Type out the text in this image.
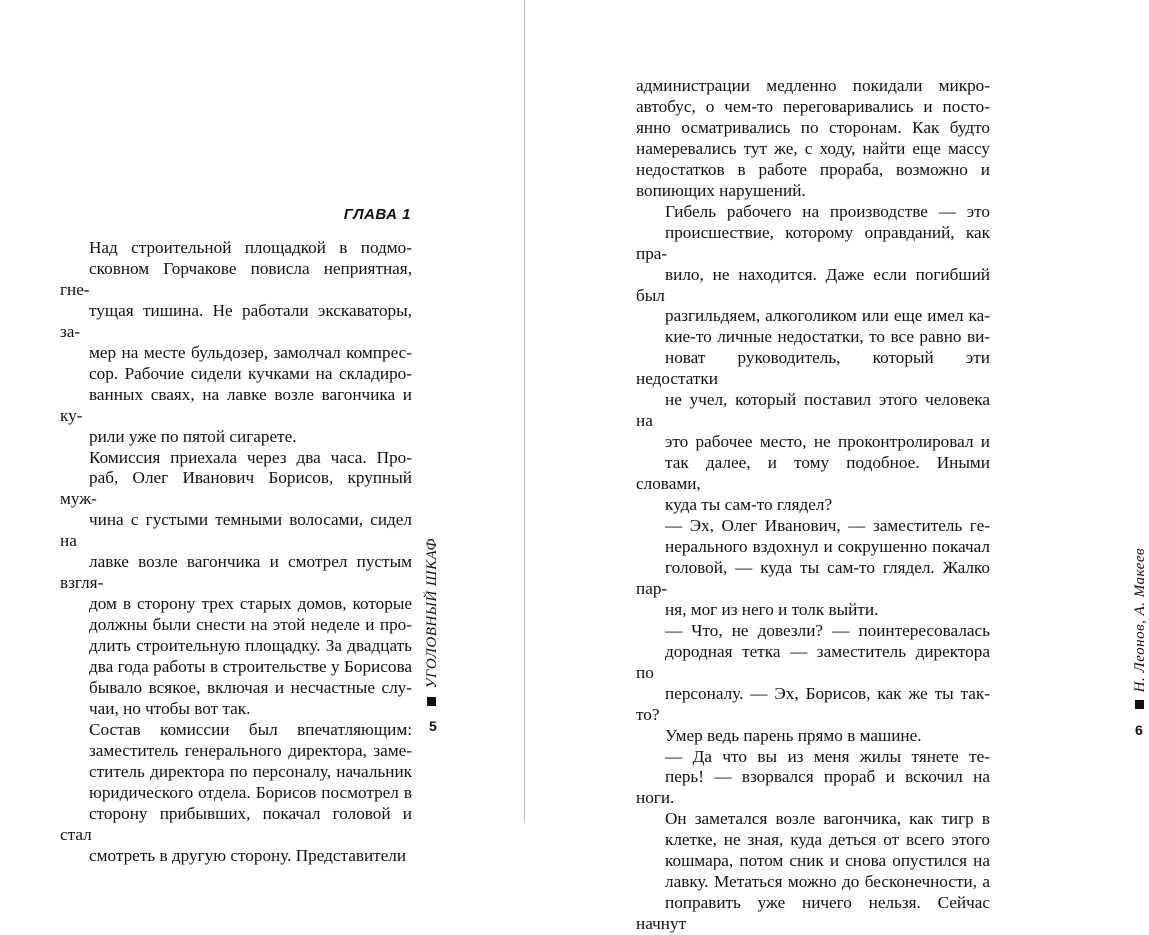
ГЛАВА 1

Над строительной площадкой в подмо-
сковном Горчакове повисла неприятная, гне-
тущая тишина. Не работали экскаваторы, за-
мер на месте бульдозер, замолчал компрес-
сор. Рабочие сидели кучками на складиро-
ванных сваях, на лавке возле вагончика и ку-
рили уже по пятой сигарете.

Комиссия приехала через два часа. Про-
раб, Олег Иванович Борисов, крупный муж-
чина с густыми темными волосами, сидел на
лавке возле вагончика и смотрел пустым взгля-
дом в сторону трех старых домов, которые
должны были снести на этой неделе и про-
длить строительную площадку. За двадцать
два года работы в строительстве у Борисова
бывало всякое, включая и несчастные слу-
чаи, но чтобы вот так.

Состав комиссии был впечатляющим:
заместитель генерального директора, заме-
ститель директора по персоналу, начальник
юридического отдела. Борисов посмотрел в
сторону прибывших, покачал головой и стал
смотреть в другую сторону. Представители

УГОЛОВНЫЙ ШКАФ
5

администрации медленно покидали микро-
автобус, о чем-то переговаривались и посто-
янно осматривались по сторонам. Как будто
намеревались тут же, с ходу, найти еще массу
недостатков в работе прораба, возможно и
вопиющих нарушений.

Гибель рабочего на производстве — это
происшествие, которому оправданий, как пра-
вило, не находится. Даже если погибший был
разгильдяем, алкоголиком или еще имел ка-
кие-то личные недостатки, то все равно ви-
новат руководитель, который эти недостатки
не учел, который поставил этого человека на
это рабочее место, не проконтролировал и
так далее, и тому подобное. Иными словами,
куда ты сам-то глядел?

— Эх, Олег Иванович, — заместитель ге-
нерального вздохнул и сокрушенно покачал
головой, — куда ты сам-то глядел. Жалко пар-
ня, мог из него и толк выйти.

— Что, не довезли? — поинтересовалась
дородная тетка — заместитель директора по
персоналу. — Эх, Борисов, как же ты так-то?
Умер ведь парень прямо в машине.

— Да что вы из меня жилы тянете те-
перь! — взорвался прораб и вскочил на ноги.

Он заметался возле вагончика, как тигр в
клетке, не зная, куда деться от всего этого
кошмара, потом сник и снова опустился на
лавку. Метаться можно до бесконечности, а
поправить уже ничего нельзя. Сейчас начнут

Н. Леонов, А. Макеев
6
